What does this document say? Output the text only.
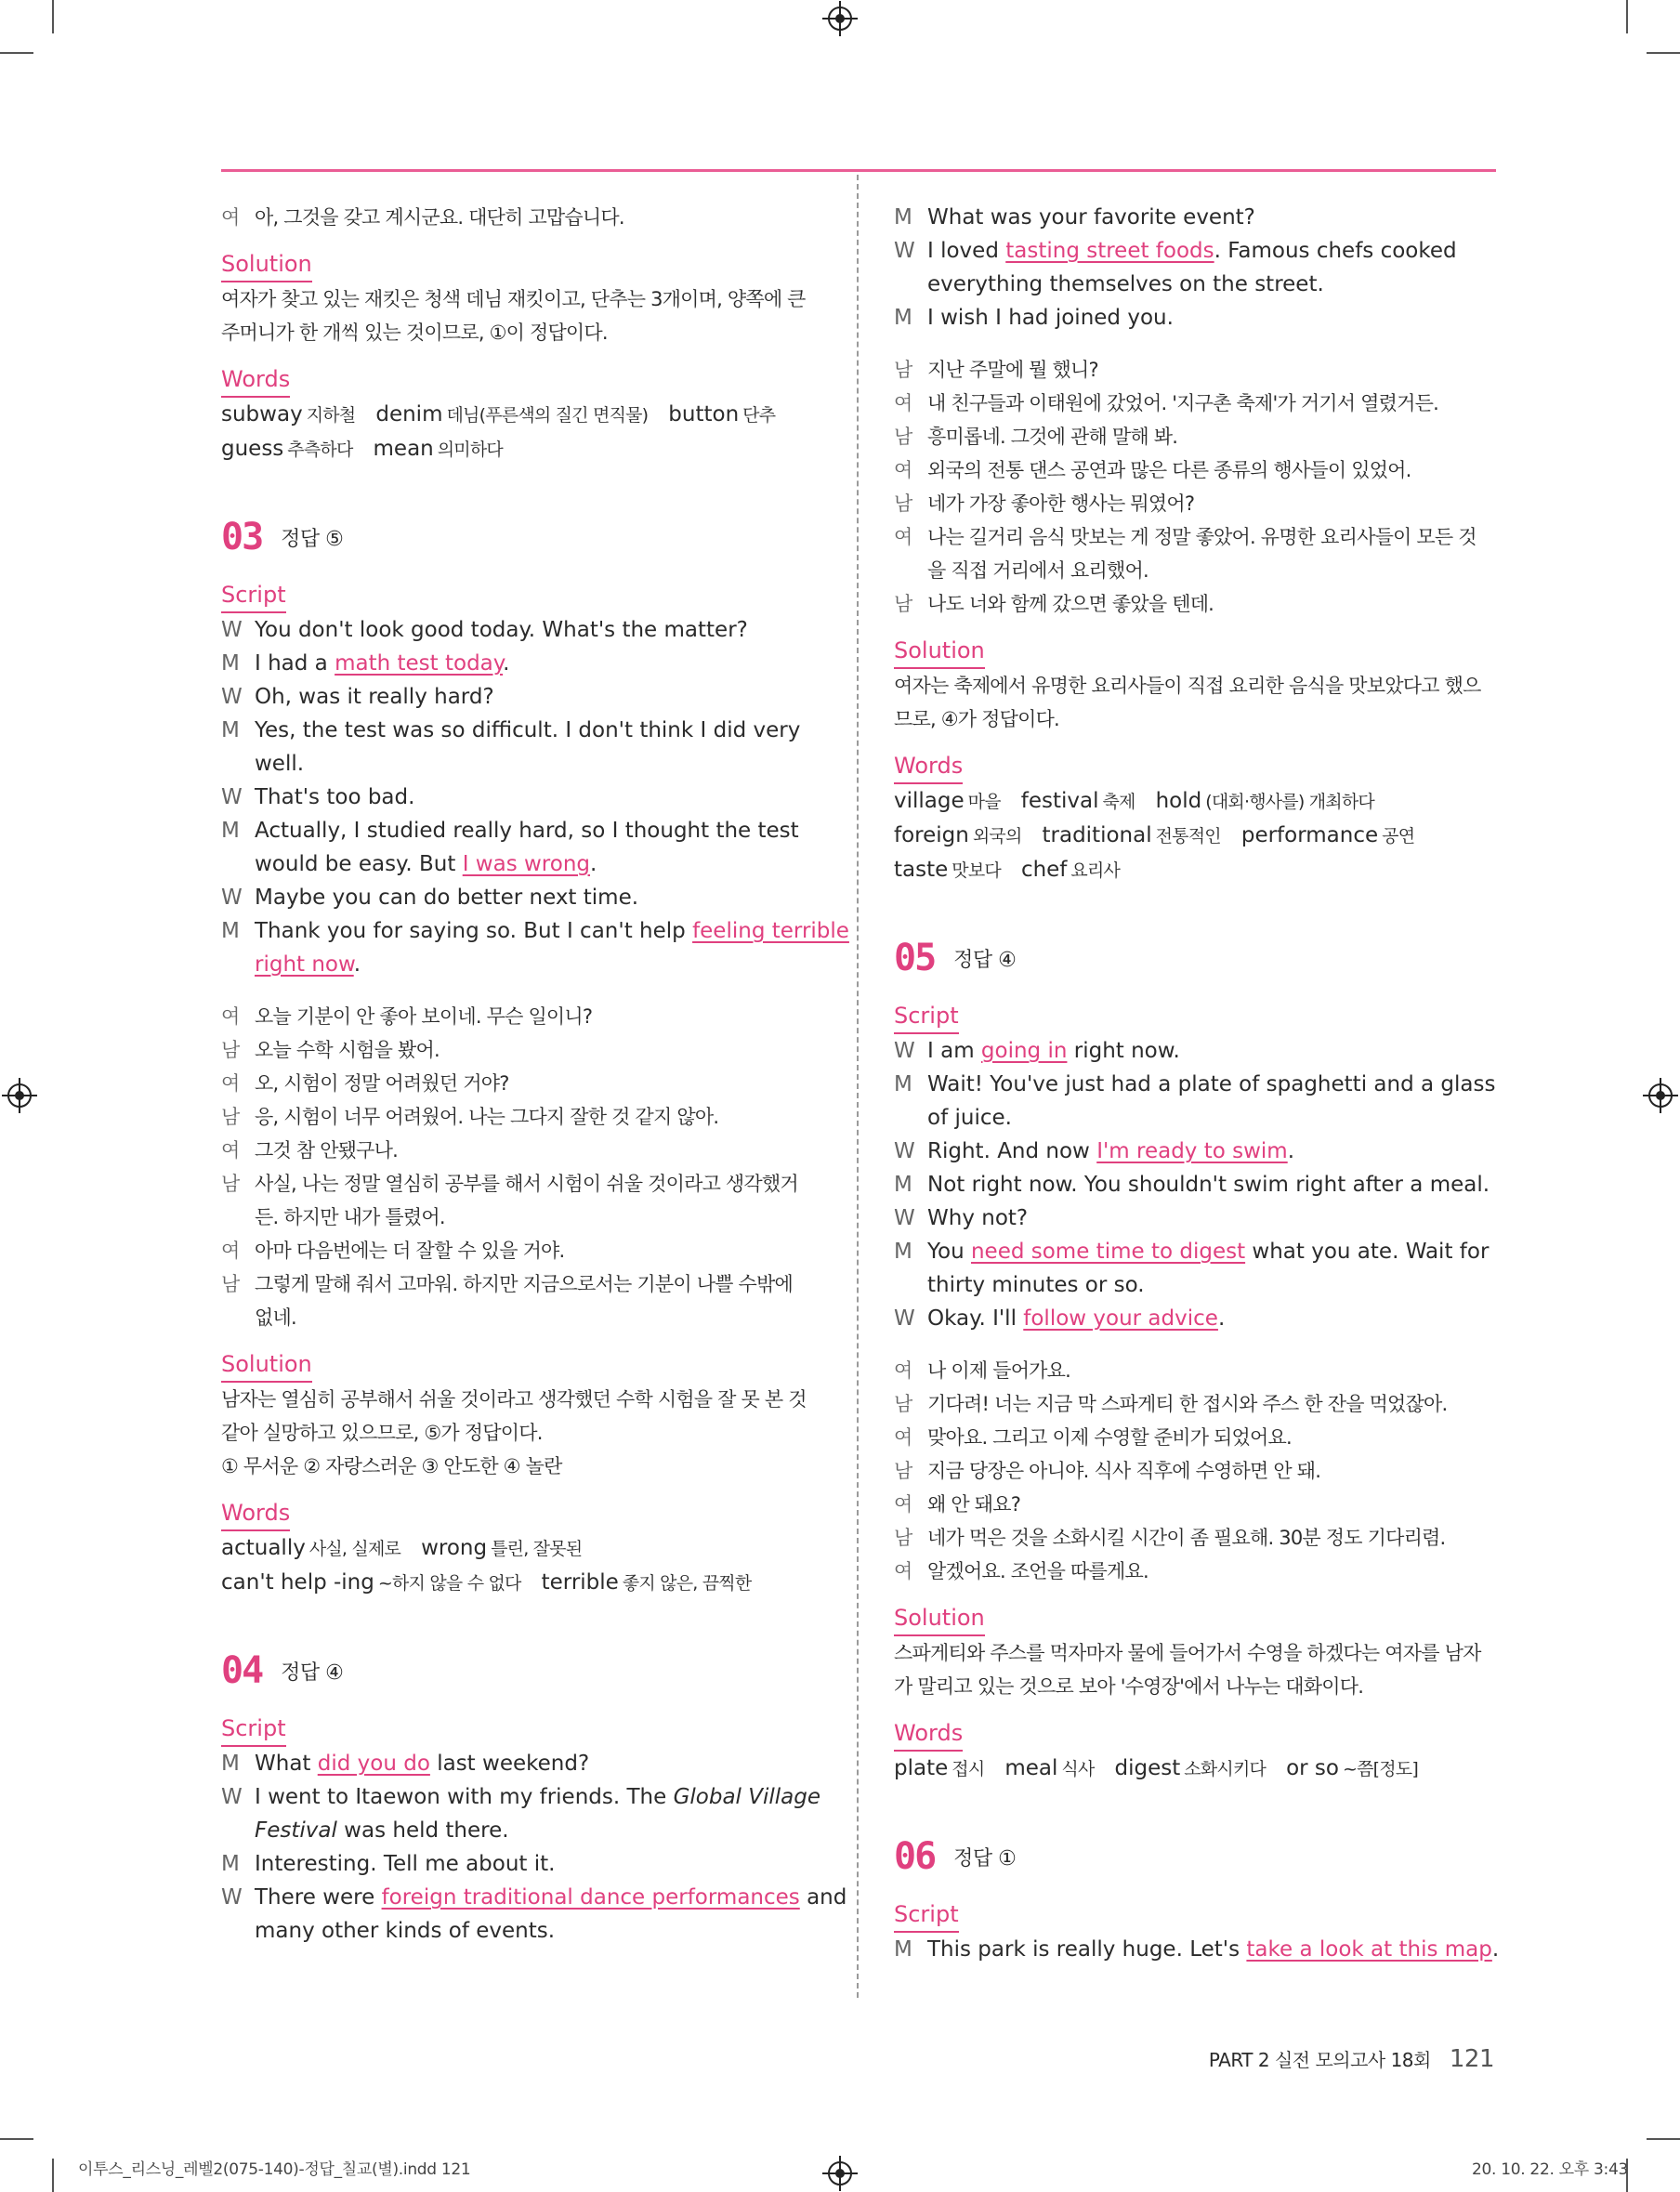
여 아, 그것을 갖고 계시군요. 대단히 고맙습니다.
Solution
여자가 찾고 있는 재킷은 청색 데님 재킷이고, 단추는 3개이며, 양쪽에 큰
주머니가 한 개씩 있는 것이므로, ①이 정답이다.
Words
subway 지하철 denim 데님(푸른색의 질긴 면직물) button 단추
guess 추측하다 mean 의미하다
03 정답 ⑤
Script
W You don't look good today. What's the matter?
M I had a math test today.
W Oh, was it really hard?
M Yes, the test was so difficult. I don't think I did very
well.
W That's too bad.
M Actually, I studied really hard, so I thought the test
would be easy. But I was wrong.
W Maybe you can do better next time.
M Thank you for saying so. But I can't help feeling terrible
right now.
여 오늘 기분이 안 좋아 보이네. 무슨 일이니?
남 오늘 수학 시험을 봤어.
여 오, 시험이 정말 어려웠던 거야?
남 응, 시험이 너무 어려웠어. 나는 그다지 잘한 것 같지 않아.
여 그것 참 안됐구나.
남 사실, 나는 정말 열심히 공부를 해서 시험이 쉬울 것이라고 생각했거
든. 하지만 내가 틀렸어.
여 아마 다음번에는 더 잘할 수 있을 거야.
남 그렇게 말해 줘서 고마워. 하지만 지금으로서는 기분이 나쁠 수밖에
없네.
Solution
남자는 열심히 공부해서 쉬울 것이라고 생각했던 수학 시험을 잘 못 본 것
같아 실망하고 있으므로, ⑤가 정답이다.
① 무서운 ② 자랑스러운 ③ 안도한 ④ 놀란
Words
actually 사실, 실제로 wrong 틀린, 잘못된
can't help -ing ~하지 않을 수 없다 terrible 좋지 않은, 끔찍한
04 정답 ④
Script
M What did you do last weekend?
W I went to Itaewon with my friends. The Global Village
Festival was held there.
M Interesting. Tell me about it.
W There were foreign traditional dance performances and
many other kinds of events.
M What was your favorite event?
W I loved tasting street foods. Famous chefs cooked
everything themselves on the street.
M I wish I had joined you.
남 지난 주말에 뭘 했니?
여 내 친구들과 이태원에 갔었어. '지구촌 축제'가 거기서 열렸거든.
남 흥미롭네. 그것에 관해 말해 봐.
여 외국의 전통 댄스 공연과 많은 다른 종류의 행사들이 있었어.
남 네가 가장 좋아한 행사는 뭐였어?
여 나는 길거리 음식 맛보는 게 정말 좋았어. 유명한 요리사들이 모든 것
을 직접 거리에서 요리했어.
남 나도 너와 함께 갔으면 좋았을 텐데.
Solution
여자는 축제에서 유명한 요리사들이 직접 요리한 음식을 맛보았다고 했으
므로, ④가 정답이다.
Words
village 마을 festival 축제 hold (대회·행사를) 개최하다
foreign 외국의 traditional 전통적인 performance 공연
taste 맛보다 chef 요리사
05 정답 ④
Script
W I am going in right now.
M Wait! You've just had a plate of spaghetti and a glass
of juice.
W Right. And now I'm ready to swim.
M Not right now. You shouldn't swim right after a meal.
W Why not?
M You need some time to digest what you ate. Wait for
thirty minutes or so.
W Okay. I'll follow your advice.
여 나 이제 들어가요.
남 기다려! 너는 지금 막 스파게티 한 접시와 주스 한 잔을 먹었잖아.
여 맞아요. 그리고 이제 수영할 준비가 되었어요.
남 지금 당장은 아니야. 식사 직후에 수영하면 안 돼.
여 왜 안 돼요?
남 네가 먹은 것을 소화시킬 시간이 좀 필요해. 30분 정도 기다리렴.
여 알겠어요. 조언을 따를게요.
Solution
스파게티와 주스를 먹자마자 물에 들어가서 수영을 하겠다는 여자를 남자
가 말리고 있는 것으로 보아 '수영장'에서 나누는 대화이다.
Words
plate 접시 meal 식사 digest 소화시키다 or so ~쯤[정도]
06 정답 ①
Script
M This park is really huge. Let's take a look at this map.
PART 2 실전 모의고사 18회 121
이투스_리스닝_레벨2(075-140)-정답_칠교(별).indd 121	20. 10. 22. 오후 3:43
